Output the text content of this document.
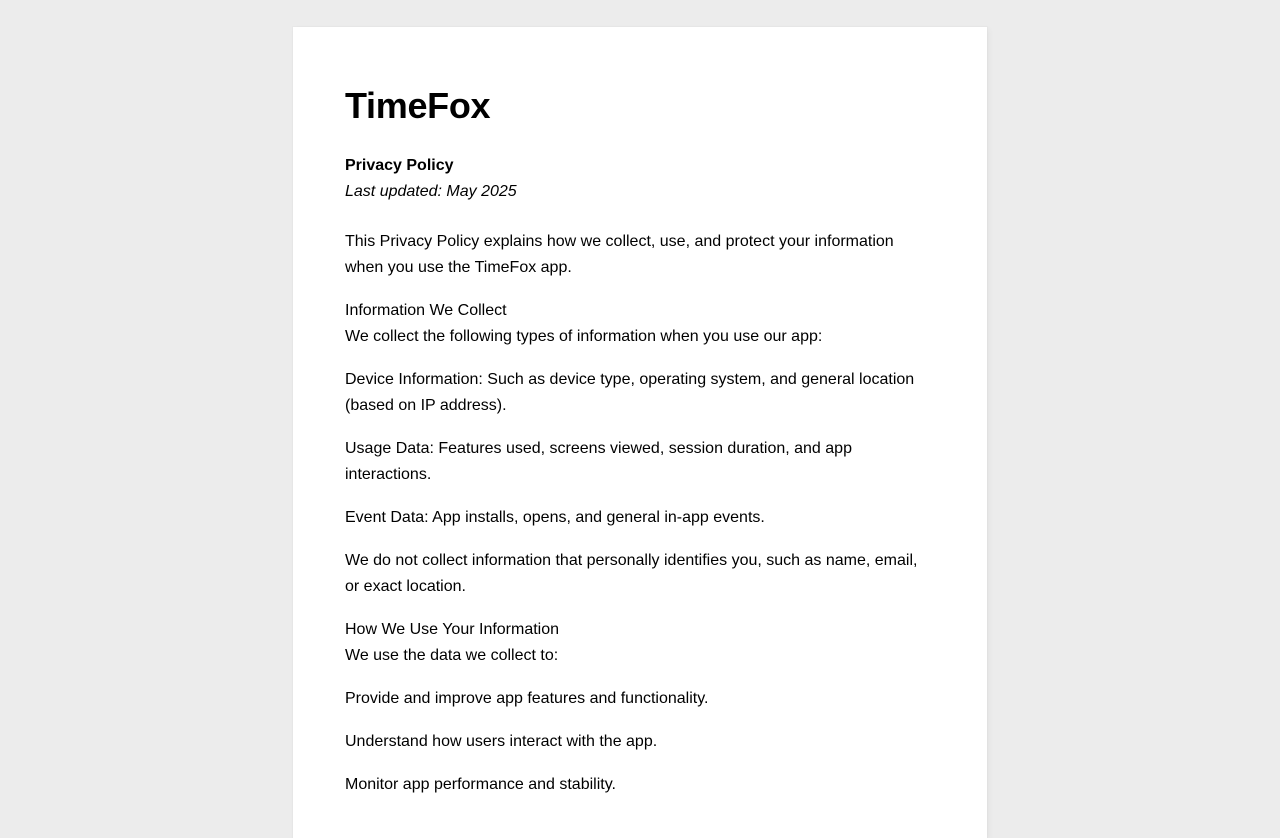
TimeFox
Privacy Policy
Last updated: May 2025

This Privacy Policy explains how we collect, use, and protect your information when you use the TimeFox app.

Information We Collect
We collect the following types of information when you use our app:

Device Information: Such as device type, operating system, and general location (based on IP address).

Usage Data: Features used, screens viewed, session duration, and app interactions.

Event Data: App installs, opens, and general in-app events.

We do not collect information that personally identifies you, such as name, email, or exact location.

How We Use Your Information
We use the data we collect to:

Provide and improve app features and functionality.

Understand how users interact with the app.

Monitor app performance and stability.
